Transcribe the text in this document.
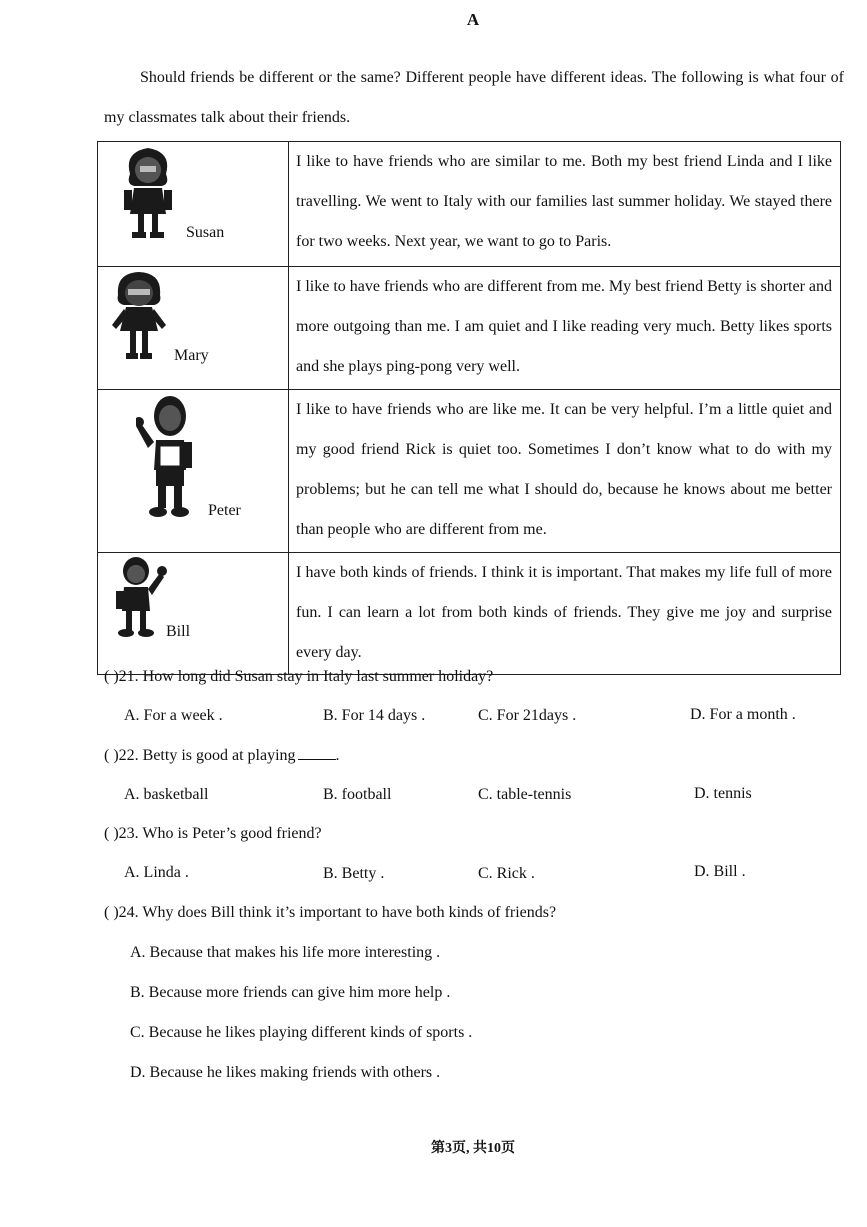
A
Should friends be different or the same? Different people have different ideas. The following is what four of my classmates talk about their friends.
Susan	I like to have friends who are similar to me. Both my best friend Linda and I like travelling. We went to Italy with our families last summer holiday. We stayed there for two weeks. Next year, we want to go to Paris.

Mary	I like to have friends who are different from me. My best friend Betty is shorter and more outgoing than me. I am quiet and I like reading very much. Betty likes sports and she plays ping-pong very well.

Peter	I like to have friends who are like me. It can be very helpful. I’m a little quiet and my good friend Rick is quiet too. Sometimes I don’t know what to do with my problems; but he can tell me what I should do, because he knows about me better than people who are different from me.

Bill	I have both kinds of friends. I think it is important. That makes my life full of more fun. I can learn a lot from both kinds of friends. They give me joy and surprise every day.
( )21. How long did Susan stay in Italy last summer holiday?
A. For a week .	B. For 14 days .	C. For 21days .	D. For a month .
( )22. Betty is good at playing	.
A. basketball	B. football	C. table-tennis	D. tennis
( )23. Who is Peter’s good friend?
A. Linda .	B. Betty .	C. Rick .	D. Bill .
( )24. Why does Bill think it’s important to have both kinds of friends?
A. Because that makes his life more interesting .
B. Because more friends can give him more help .
C. Because he likes playing different kinds of sports .
D. Because he likes making friends with others .
第3页, 共10页
